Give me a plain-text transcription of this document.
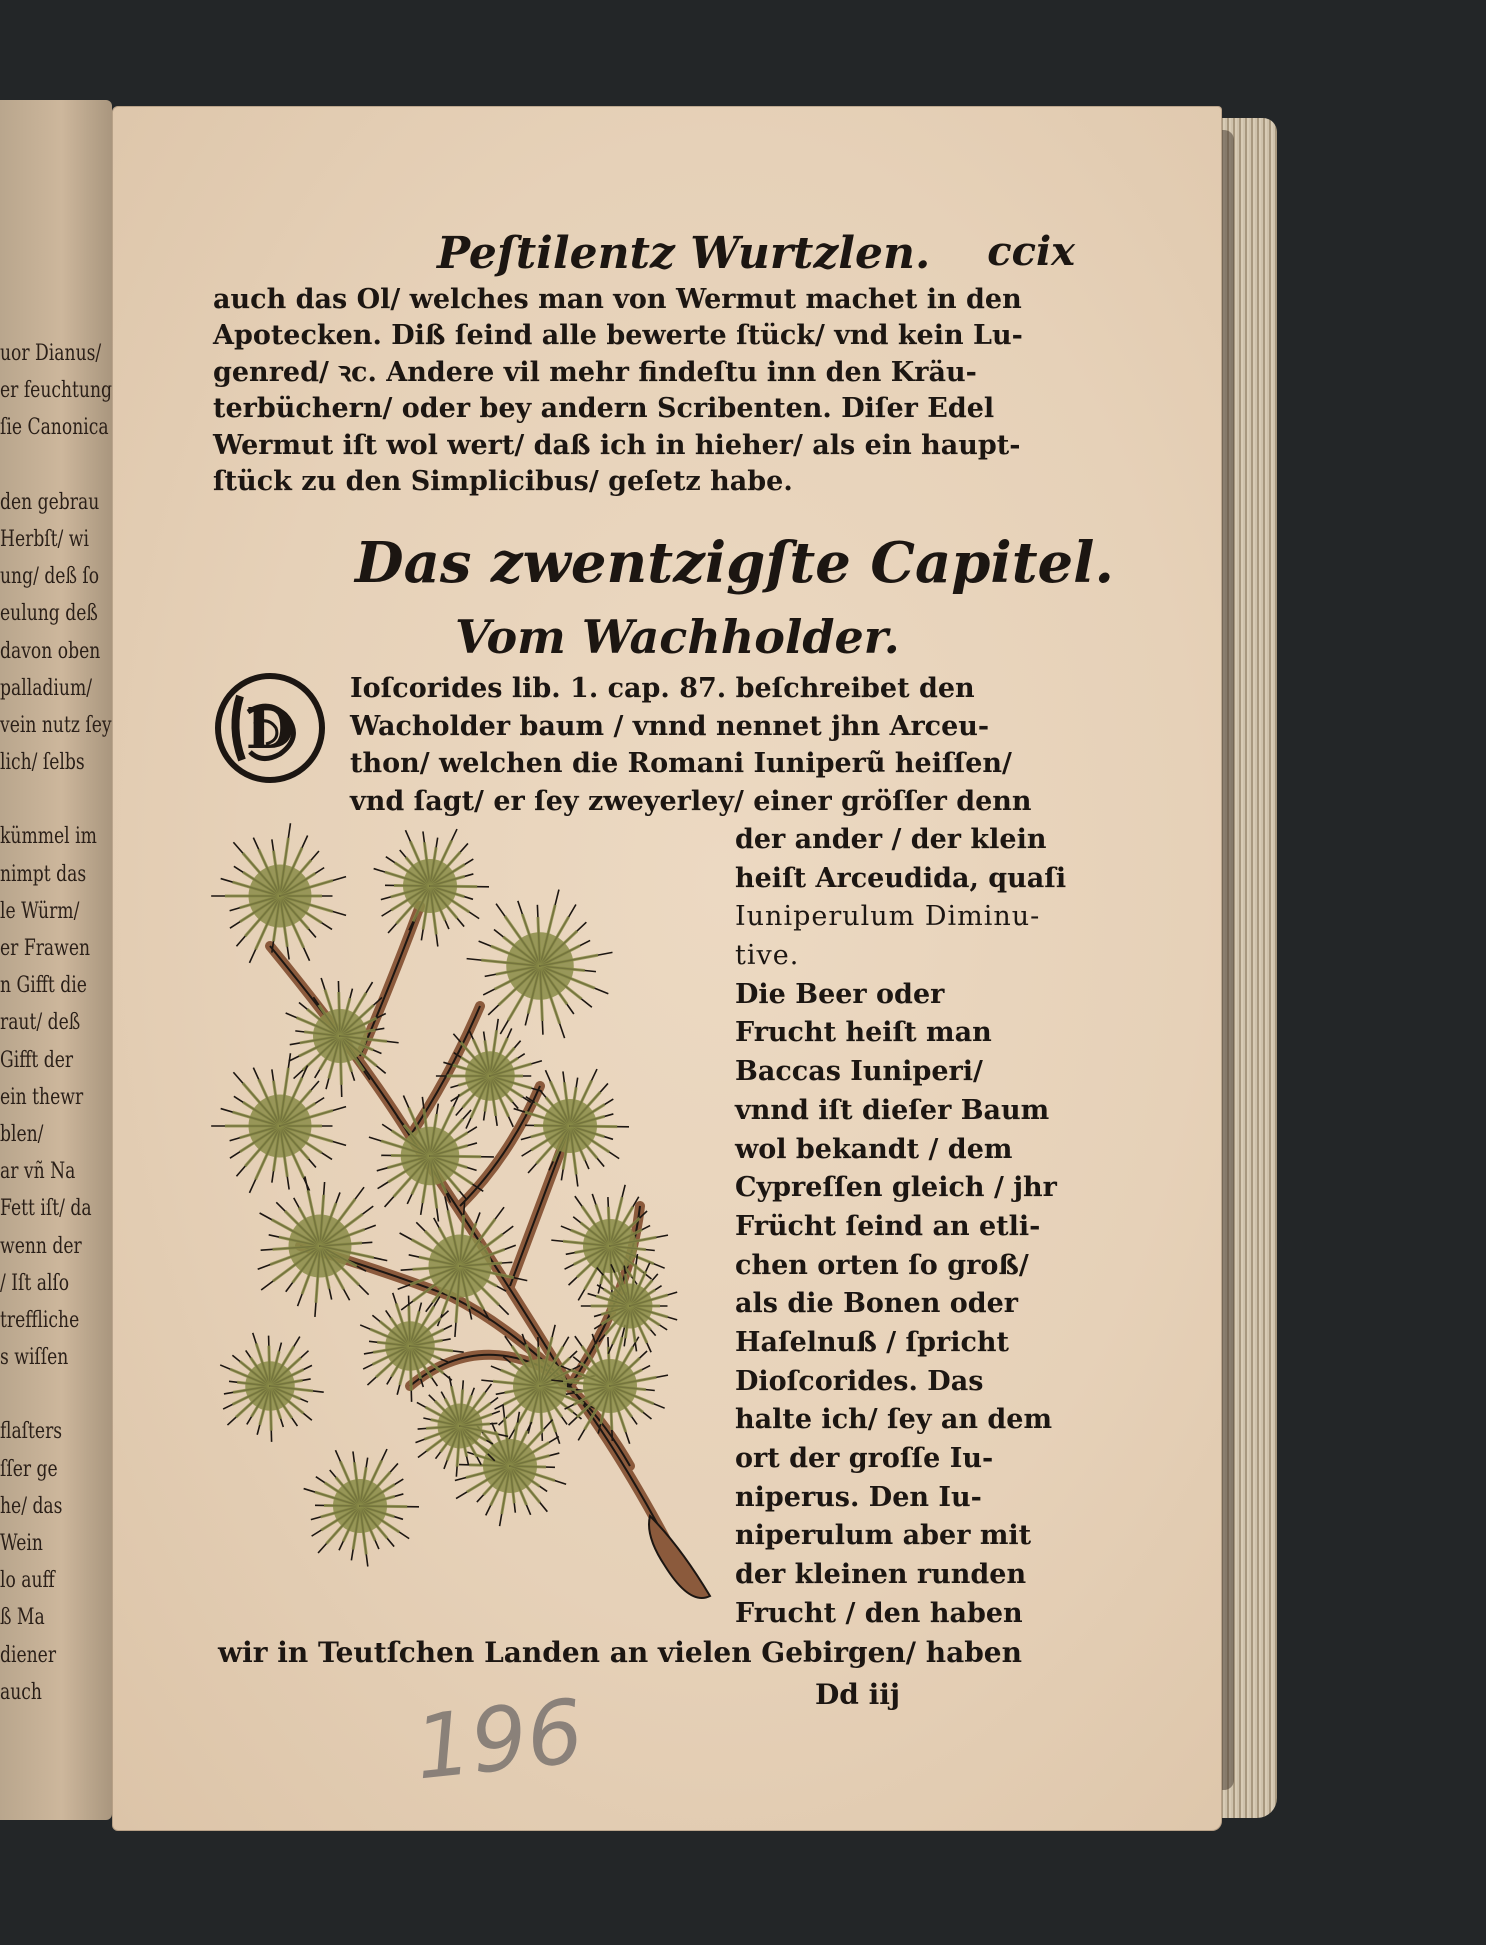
uor Dianus/
er feuchtung
ſie Canonica
den gebrau
Herbſt/ wi
ung/ deß ſo
eulung deß
davon oben
palladium/
vein nutz ſey
lich/ ſelbs
kümmel im
nimpt das
le Würm/
er Frawen
n Gifft die
raut/ deß
Gifft der
ein thewr
blen/
ar vñ Na
Fett iſt/ da
wenn der
/ Iſt alſo
treffliche
s wiſſen
flaſters
ſſer ge
he/ das
Wein
lo auff
ß Ma
diener
auch
Peſtilentz Wurtzlen. ccix
auch das Ol/ welches man von Wermut machet in den
Apotecken. Diß ſeind alle bewerte ſtück/ vnd kein Lu-
genred/ ꝛc. Andere vil mehr findeſtu inn den Kräu-
terbüchern/ oder bey andern Scribenten. Diſer Edel
Wermut iſt wol wert/ daß ich in hieher/ als ein haupt-
ſtück zu den Simplicibus/ geſetz habe.
Das zwentzigſte Capitel.
Vom Wachholder.
D
Ioſcorides lib. 1. cap. 87. beſchreibet den
Wacholder baum / vnnd nennet jhn Arceu-
thon/ welchen die Romani Iuniperũ heiſſen/
vnd ſagt/ er ſey zweyerley/ einer gröſſer denn
der ander / der klein
heiſt Arceudida, quaſi
Iuniperulum Diminu-
tive.
Die Beer oder
Frucht heiſt man
Baccas Iuniperi/
vnnd iſt dieſer Baum
wol bekandt / dem
Cypreſſen gleich / jhr
Frücht ſeind an etli-
chen orten ſo groß/
als die Bonen oder
Haſelnuß / ſpricht
Dioſcorides. Das
halte ich/ ſey an dem
ort der groſſe Iu-
niperus. Den Iu-
niperulum aber mit
der kleinen runden
Frucht / den haben
wir in Teutſchen Landen an vielen Gebirgen/ haben
Dd iij
196
